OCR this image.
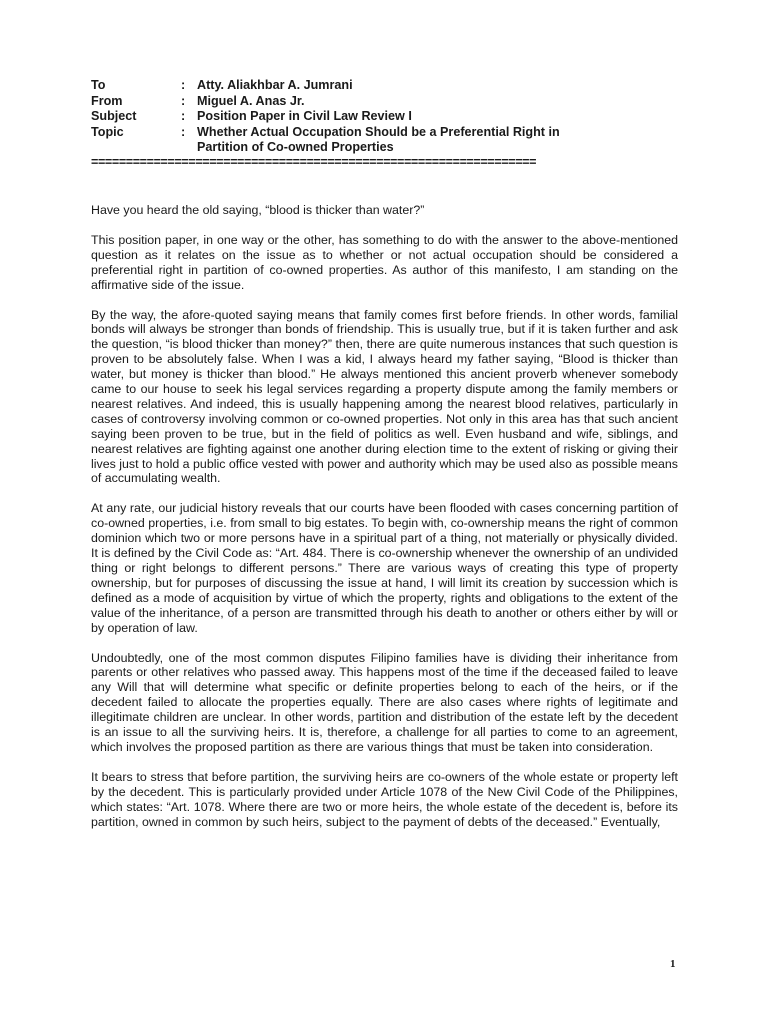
To	: Atty. Aliakhbar A. Jumrani
From	: Miguel A. Anas Jr.
Subject	: Position Paper in Civil Law Review I
Topic	: Whether Actual Occupation Should be a Preferential Right in
Partition of Co-owned Properties
================================================================

Have you heard the old saying, “blood is thicker than water?”

This position paper, in one way or the other, has something to do with the answer to the above-mentioned question as it relates on the issue as to whether or not actual occupation should be considered a preferential right in partition of co-owned properties. As author of this manifesto, I am standing on the affirmative side of the issue.

By the way, the afore-quoted saying means that family comes first before friends. In other words, familial bonds will always be stronger than bonds of friendship. This is usually true, but if it is taken further and ask the question, “is blood thicker than money?” then, there are quite numerous instances that such question is proven to be absolutely false. When I was a kid, I always heard my father saying, “Blood is thicker than water, but money is thicker than blood.” He always mentioned this ancient proverb whenever somebody came to our house to seek his legal services regarding a property dispute among the family members or nearest relatives. And indeed, this is usually happening among the nearest blood relatives, particularly in cases of controversy involving common or co-owned properties. Not only in this area has that such ancient saying been proven to be true, but in the field of politics as well. Even husband and wife, siblings, and nearest relatives are fighting against one another during election time to the extent of risking or giving their lives just to hold a public office vested with power and authority which may be used also as possible means of accumulating wealth.

At any rate, our judicial history reveals that our courts have been flooded with cases concerning partition of co-owned properties, i.e. from small to big estates. To begin with, co-ownership means the right of common dominion which two or more persons have in a spiritual part of a thing, not materially or physically divided. It is defined by the Civil Code as: “Art. 484. There is co-ownership whenever the ownership of an undivided thing or right belongs to different persons.” There are various ways of creating this type of property ownership, but for purposes of discussing the issue at hand, I will limit its creation by succession which is defined as a mode of acquisition by virtue of which the property, rights and obligations to the extent of the value of the inheritance, of a person are transmitted through his death to another or others either by will or by operation of law.

Undoubtedly, one of the most common disputes Filipino families have is dividing their inheritance from parents or other relatives who passed away. This happens most of the time if the deceased failed to leave any Will that will determine what specific or definite properties belong to each of the heirs, or if the decedent failed to allocate the properties equally. There are also cases where rights of legitimate and illegitimate children are unclear. In other words, partition and distribution of the estate left by the decedent is an issue to all the surviving heirs. It is, therefore, a challenge for all parties to come to an agreement, which involves the proposed partition as there are various things that must be taken into consideration.

It bears to stress that before partition, the surviving heirs are co-owners of the whole estate or property left by the decedent. This is particularly provided under Article 1078 of the New Civil Code of the Philippines, which states: “Art. 1078. Where there are two or more heirs, the whole estate of the decedent is, before its partition, owned in common by such heirs, subject to the payment of debts of the deceased.” Eventually,

1
